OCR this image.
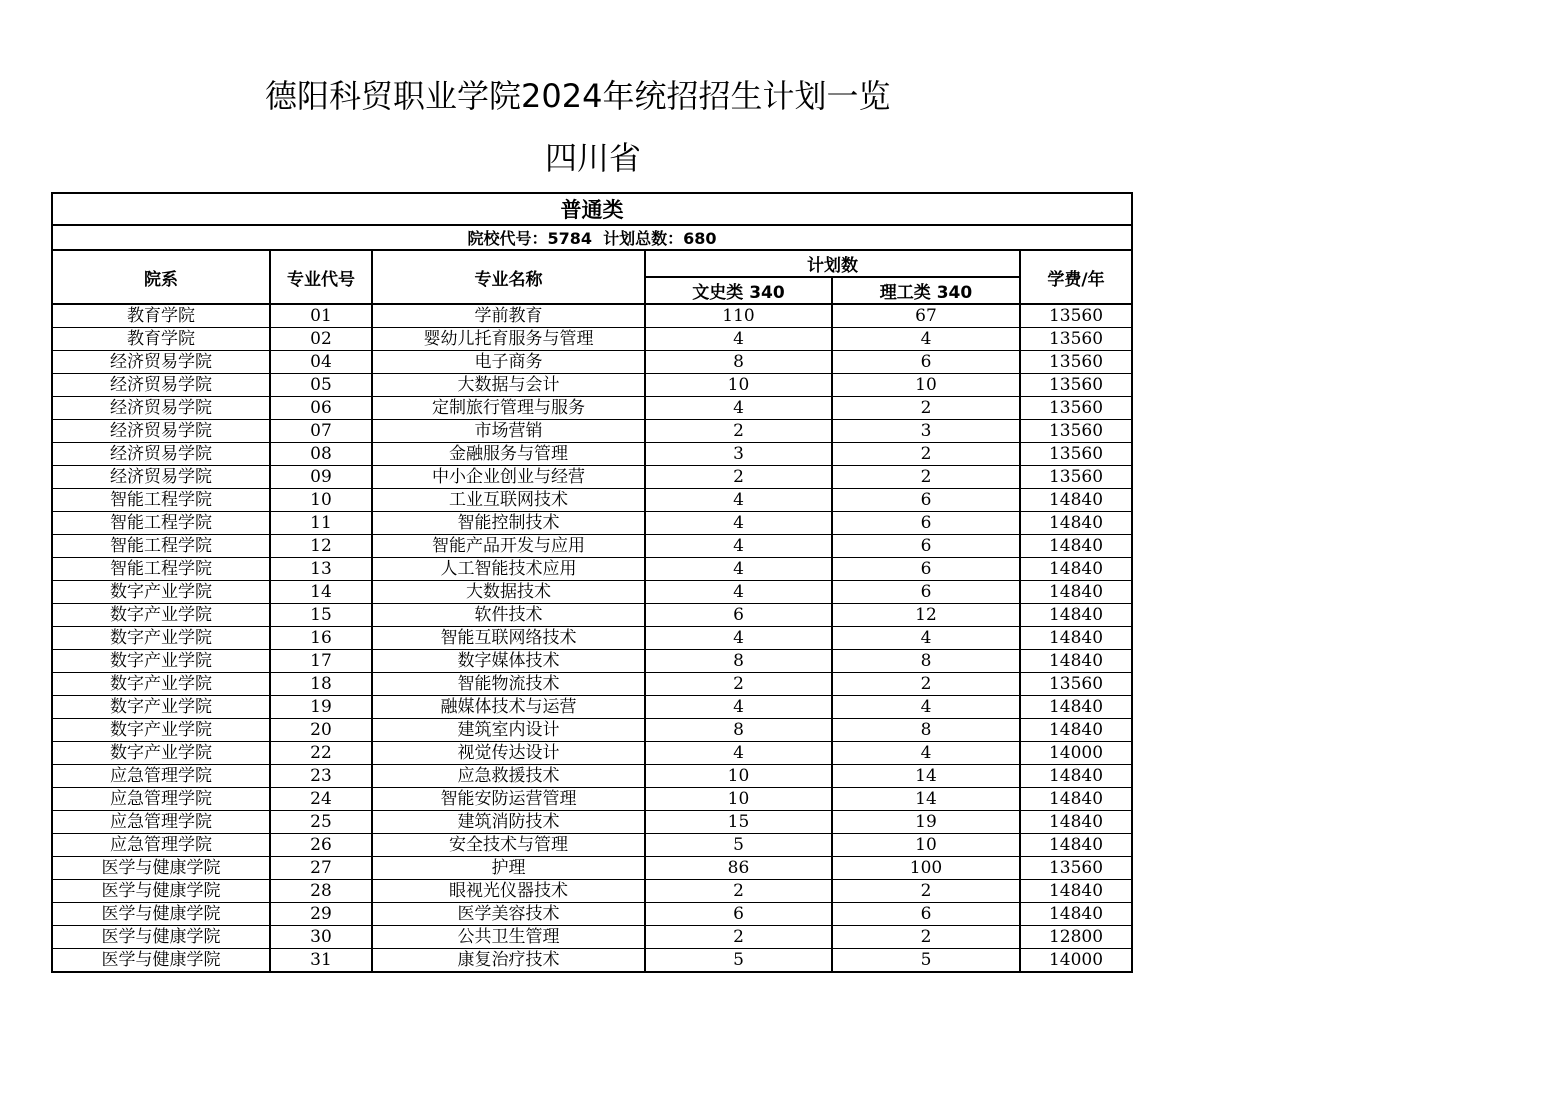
德阳科贸职业学院2024年统招招生计划一览
四川省
普通类					
院校代号：5784  计划总数：680					
院系	专业代号	专业名称	计划数		学费/年
			文史类 340	理工类 340	
教育学院	01	学前教育	110	67	13560
教育学院	02	婴幼儿托育服务与管理	4	4	13560
经济贸易学院	04	电子商务	8	6	13560
经济贸易学院	05	大数据与会计	10	10	13560
经济贸易学院	06	定制旅行管理与服务	4	2	13560
经济贸易学院	07	市场营销	2	3	13560
经济贸易学院	08	金融服务与管理	3	2	13560
经济贸易学院	09	中小企业创业与经营	2	2	13560
智能工程学院	10	工业互联网技术	4	6	14840
智能工程学院	11	智能控制技术	4	6	14840
智能工程学院	12	智能产品开发与应用	4	6	14840
智能工程学院	13	人工智能技术应用	4	6	14840
数字产业学院	14	大数据技术	4	6	14840
数字产业学院	15	软件技术	6	12	14840
数字产业学院	16	智能互联网络技术	4	4	14840
数字产业学院	17	数字媒体技术	8	8	14840
数字产业学院	18	智能物流技术	2	2	13560
数字产业学院	19	融媒体技术与运营	4	4	14840
数字产业学院	20	建筑室内设计	8	8	14840
数字产业学院	22	视觉传达设计	4	4	14000
应急管理学院	23	应急救援技术	10	14	14840
应急管理学院	24	智能安防运营管理	10	14	14840
应急管理学院	25	建筑消防技术	15	19	14840
应急管理学院	26	安全技术与管理	5	10	14840
医学与健康学院	27	护理	86	100	13560
医学与健康学院	28	眼视光仪器技术	2	2	14840
医学与健康学院	29	医学美容技术	6	6	14840
医学与健康学院	30	公共卫生管理	2	2	12800
医学与健康学院	31	康复治疗技术	5	5	14000
